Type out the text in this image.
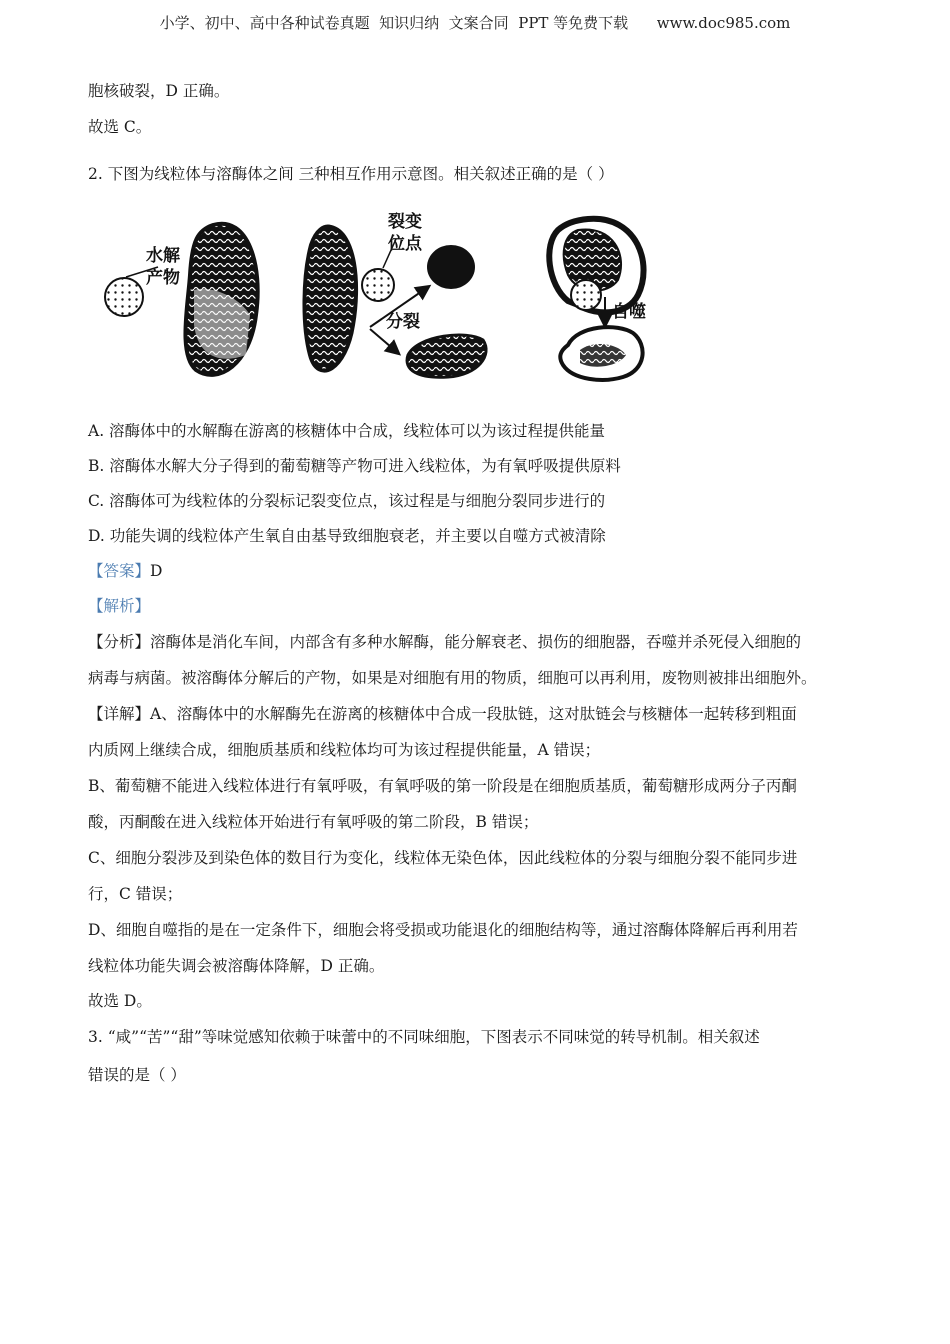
小学、初中、高中各种试卷真题  知识归纳  文案合同  PPT 等免费下载      www.doc985.com
胞核破裂，D 正确。
故选 C。
2. 下图为线粒体与溶酶体之间 三种相互作用示意图。相关叙述正确的是（ ）
水解
产物
裂变
位点
分裂	自噬
A. 溶酶体中的水解酶在游离的核糖体中合成，线粒体可以为该过程提供能量
B. 溶酶体水解大分子得到的葡萄糖等产物可进入线粒体，为有氧呼吸提供原料
C. 溶酶体可为线粒体的分裂标记裂变位点，该过程是与细胞分裂同步进行的
D. 功能失调的线粒体产生氧自由基导致细胞衰老，并主要以自噬方式被清除
【答案】D
【解析】
【分析】溶酶体是消化车间，内部含有多种水解酶，能分解衰老、损伤的细胞器，吞噬并杀死侵入细胞的
病毒与病菌。被溶酶体分解后的产物，如果是对细胞有用的物质，细胞可以再利用，废物则被排出细胞外。
【详解】A、溶酶体中的水解酶先在游离的核糖体中合成一段肽链，这对肽链会与核糖体一起转移到粗面
内质网上继续合成，细胞质基质和线粒体均可为该过程提供能量，A 错误；
B、葡萄糖不能进入线粒体进行有氧呼吸，有氧呼吸的第一阶段是在细胞质基质，葡萄糖形成两分子丙酮
酸，丙酮酸在进入线粒体开始进行有氧呼吸的第二阶段，B 错误；
C、细胞分裂涉及到染色体的数目行为变化，线粒体无染色体，因此线粒体的分裂与细胞分裂不能同步进
行，C 错误；
D、细胞自噬指的是在一定条件下，细胞会将受损或功能退化的细胞结构等，通过溶酶体降解后再利用若
线粒体功能失调会被溶酶体降解，D 正确。
故选 D。
3. “咸”“苦”“甜”等味觉感知依赖于味蕾中的不同味细胞，下图表示不同味觉的转导机制。相关叙述
错误的是（ ）
